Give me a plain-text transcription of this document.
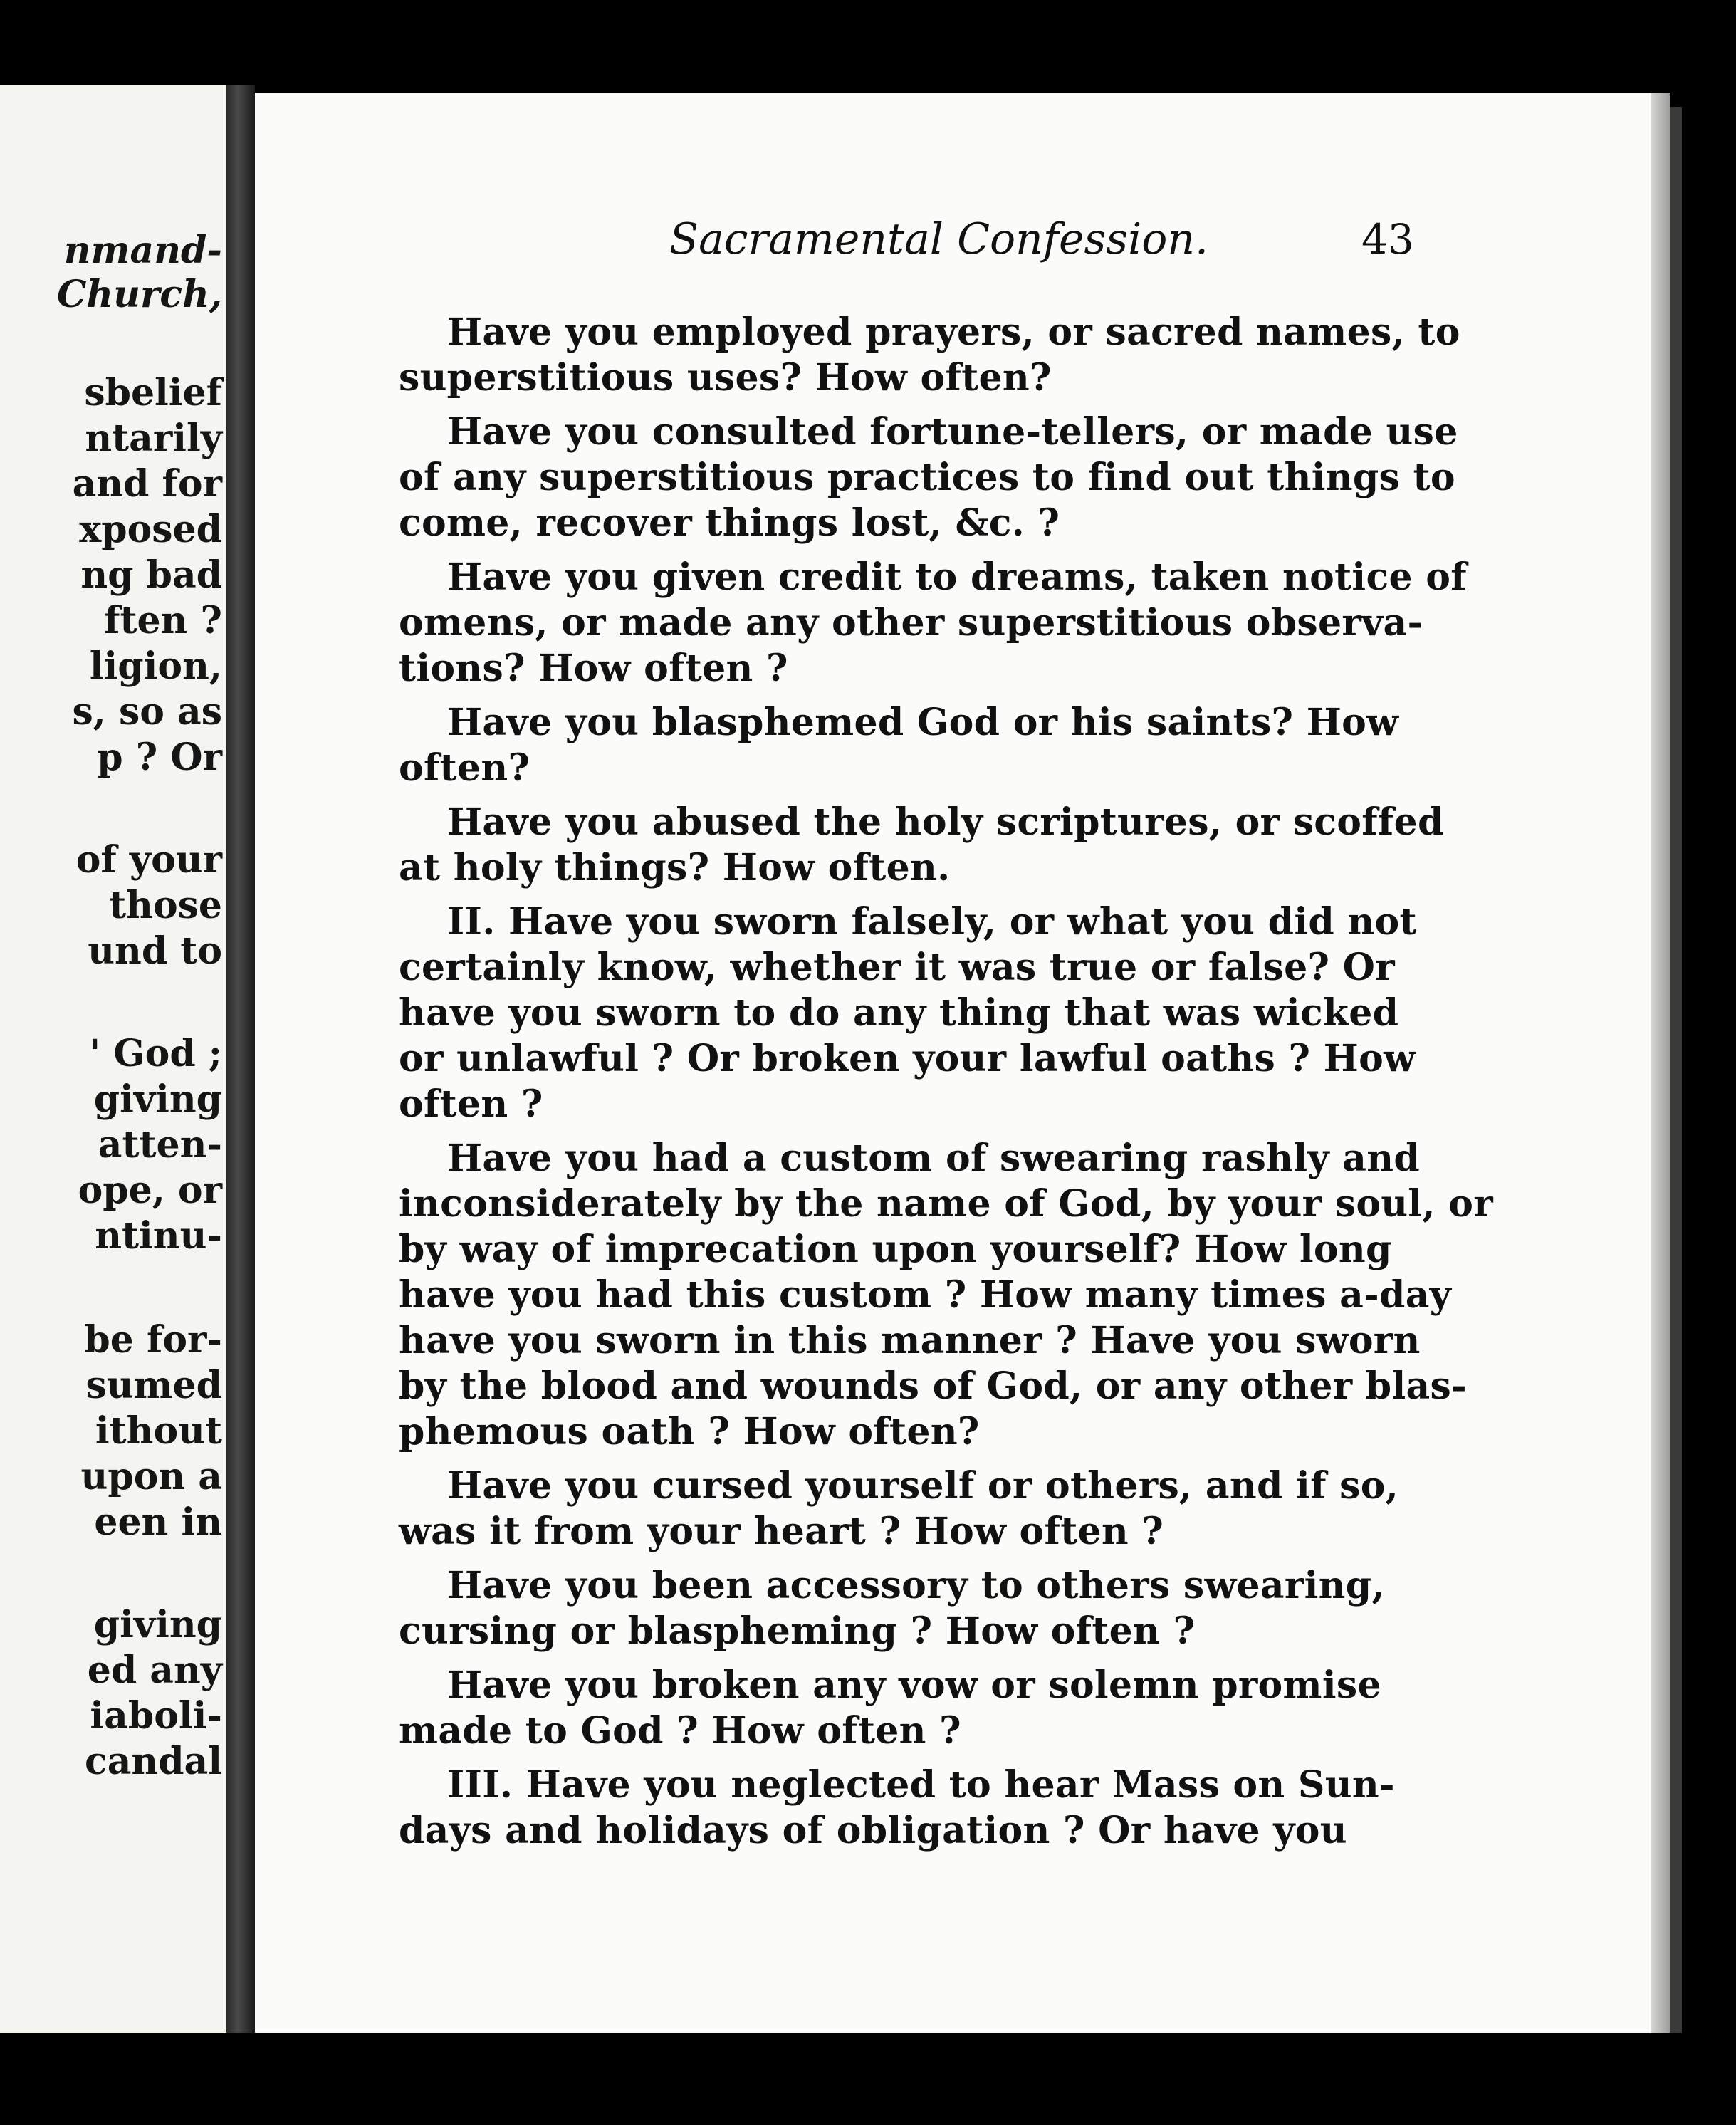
nmand-
Church,
sbelief
ntarily
and for
xposed
ng bad
ften ?
ligion,
s, so as
p ? Or
of your
those
und to
' God ;
giving
atten-
ope, or
ntinu-
be for-
sumed
ithout
upon a
een in
giving
ed any
iaboli-
candal
Sacramental Confession.	43
Have you employed prayers, or sacred names, to
superstitious uses? How often?
Have you consulted fortune-tellers, or made use
of any superstitious practices to find out things to
come, recover things lost, &c. ?
Have you given credit to dreams, taken notice of
omens, or made any other superstitious observa-
tions? How often ?
Have you blasphemed God or his saints? How
often?
Have you abused the holy scriptures, or scoffed
at holy things? How often.
II. Have you sworn falsely, or what you did not
certainly know, whether it was true or false? Or
have you sworn to do any thing that was wicked
or unlawful ? Or broken your lawful oaths ? How
often ?
Have you had a custom of swearing rashly and
inconsiderately by the name of God, by your soul, or
by way of imprecation upon yourself? How long
have you had this custom ? How many times a-day
have you sworn in this manner ? Have you sworn
by the blood and wounds of God, or any other blas-
phemous oath ? How often?
Have you cursed yourself or others, and if so,
was it from your heart ? How often ?
Have you been accessory to others swearing,
cursing or blaspheming ? How often ?
Have you broken any vow or solemn promise
made to God ? How often ?
III. Have you neglected to hear Mass on Sun-
days and holidays of obligation ? Or have you
